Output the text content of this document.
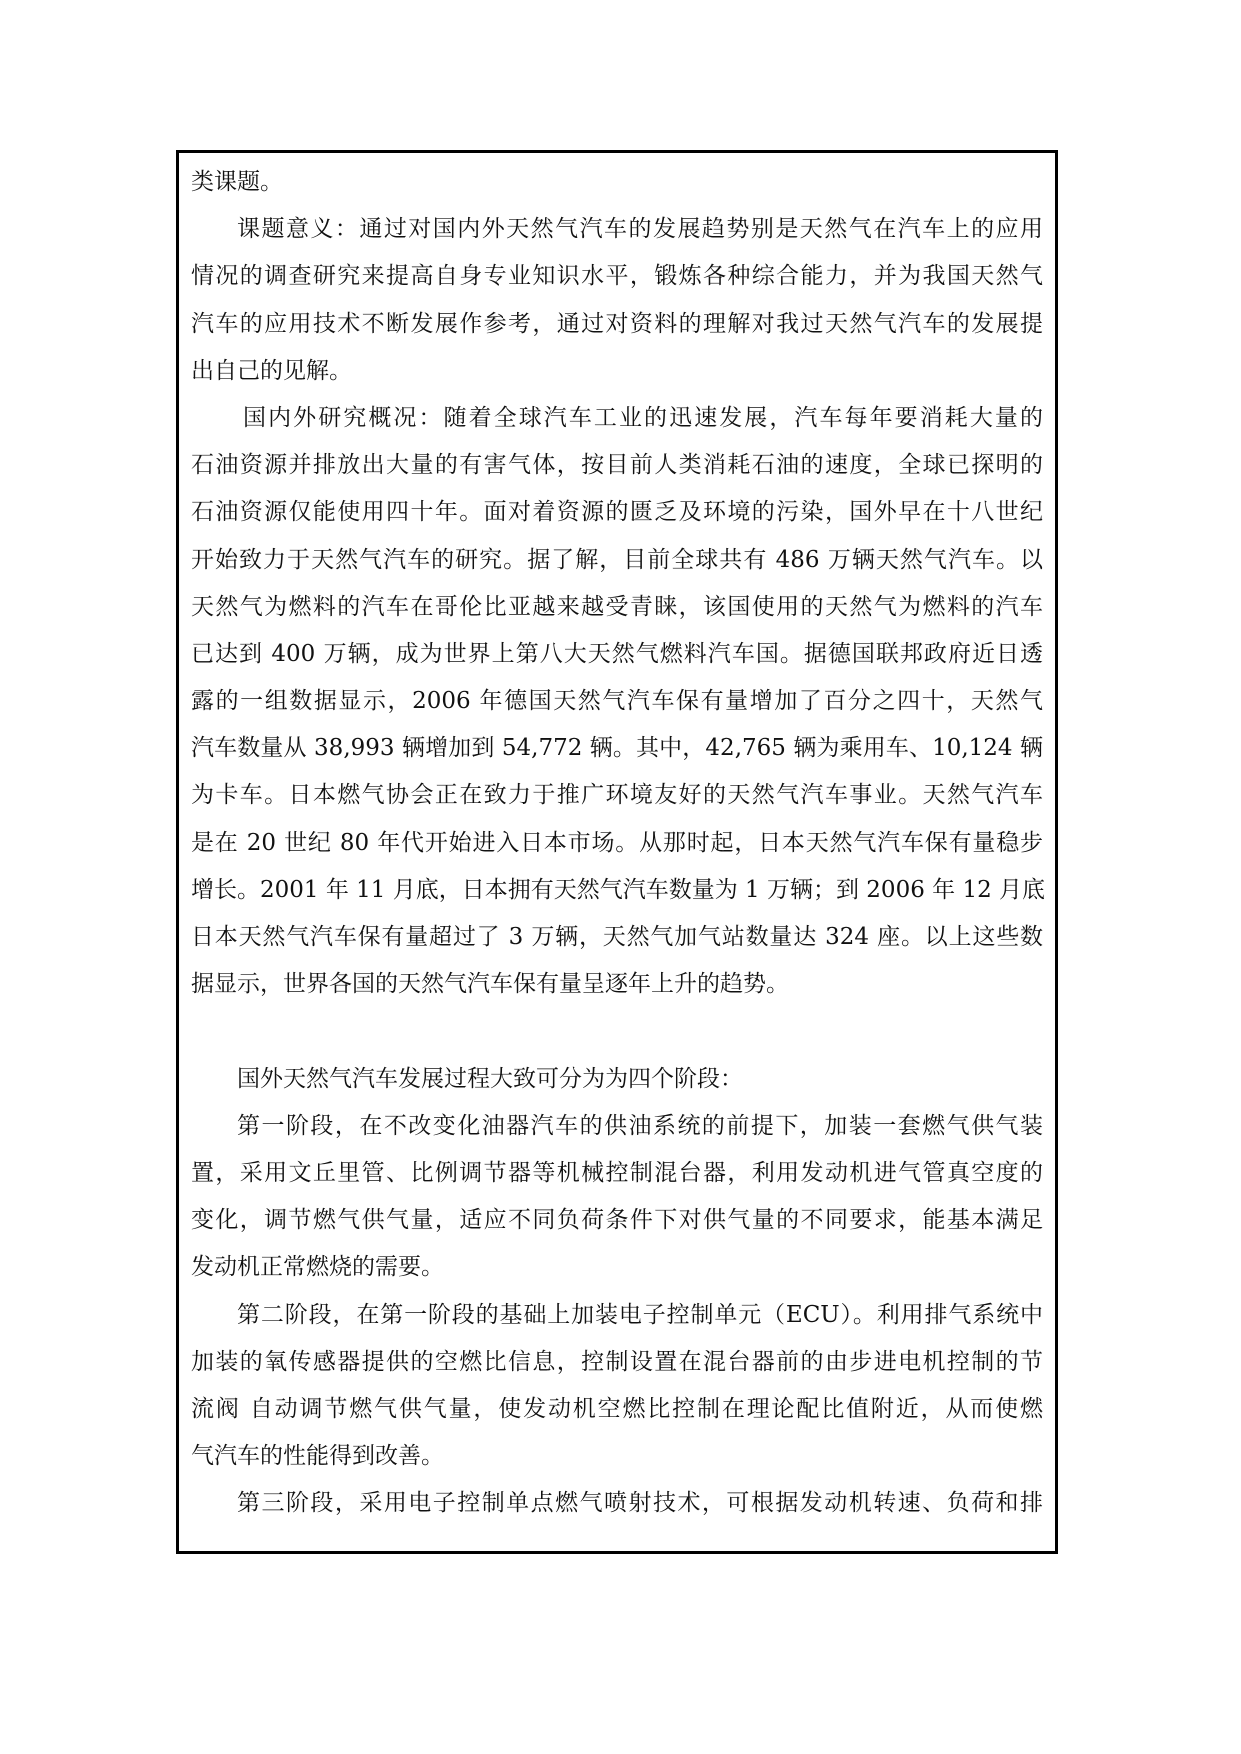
类课题。
课题意义：通过对国内外天然气汽车的发展趋势别是天然气在汽车上的应用
情况的调查研究来提高自身专业知识水平，锻炼各种综合能力，并为我国天然气
汽车的应用技术不断发展作参考，通过对资料的理解对我过天然气汽车的发展提
出自己的见解。
国内外研究概况：随着全球汽车工业的迅速发展，汽车每年要消耗大量的
石油资源并排放出大量的有害气体，按目前人类消耗石油的速度，全球已探明的
石油资源仅能使用四十年。面对着资源的匮乏及环境的污染，国外早在十八世纪
开始致力于天然气汽车的研究。据了解，目前全球共有 486 万辆天然气汽车。以
天然气为燃料的汽车在哥伦比亚越来越受青睐，该国使用的天然气为燃料的汽车
已达到 400 万辆，成为世界上第八大天然气燃料汽车国。据德国联邦政府近日透
露的一组数据显示，2006 年德国天然气汽车保有量增加了百分之四十，天然气
汽车数量从 38,993 辆增加到 54,772 辆。其中，42,765 辆为乘用车、10,124 辆
为卡车。日本燃气协会正在致力于推广环境友好的天然气汽车事业。天然气汽车
是在 20 世纪 80 年代开始进入日本市场。从那时起，日本天然气汽车保有量稳步
增长。2001 年 11 月底，日本拥有天然气汽车数量为 1 万辆；到 2006 年 12 月底
日本天然气汽车保有量超过了 3 万辆，天然气加气站数量达 324 座。以上这些数
据显示，世界各国的天然气汽车保有量呈逐年上升的趋势。
国外天然气汽车发展过程大致可分为为四个阶段：
第一阶段，在不改变化油器汽车的供油系统的前提下，加装一套燃气供气装
置，采用文丘里管、比例调节器等机械控制混台器，利用发动机进气管真空度的
变化，调节燃气供气量，适应不同负荷条件下对供气量的不同要求，能基本满足
发动机正常燃烧的需要。
第二阶段，在第一阶段的基础上加装电子控制单元（ECU）。利用排气系统中
加装的氧传感器提供的空燃比信息，控制设置在混台器前的由步进电机控制的节
流阀 自动调节燃气供气量，使发动机空燃比控制在理论配比值附近，从而使燃
气汽车的性能得到改善。
第三阶段，采用电子控制单点燃气喷射技术，可根据发动机转速、负荷和排
